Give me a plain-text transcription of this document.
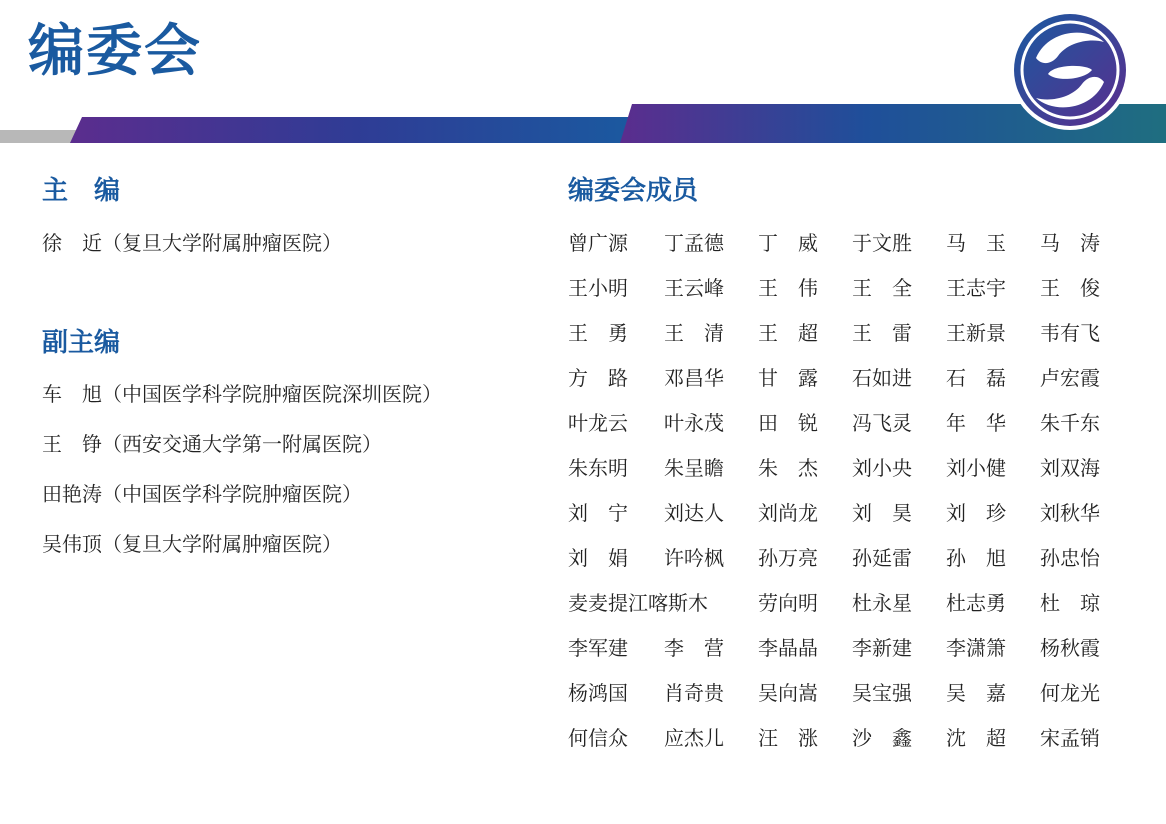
编委会
主　编
徐　近（复旦大学附属肿瘤医院）
副主编
车　旭（中国医学科学院肿瘤医院深圳医院）
王　铮（西安交通大学第一附属医院）
田艳涛（中国医学科学院肿瘤医院）
吴伟顶（复旦大学附属肿瘤医院）
编委会成员
曾广源 丁孟德 丁　威 于文胜 马　玉 马　涛
王小明 王云峰 王　伟 王　全 王志宇 王　俊
王　勇 王　清 王　超 王　雷 王新景 韦有飞
方　路 邓昌华 甘　露 石如进 石　磊 卢宏霞
叶龙云 叶永茂 田　锐 冯飞灵 年　华 朱千东
朱东明 朱呈瞻 朱　杰 刘小央 刘小健 刘双海
刘　宁 刘达人 刘尚龙 刘　昊 刘　珍 刘秋华
刘　娟 许吟枫 孙万亮 孙延雷 孙　旭 孙忠怡
麦麦提江喀斯木	劳向明 杜永星 杜志勇 杜　琼
李军建 李　营 李晶晶 李新建 李潇箫 杨秋霞
杨鸿国 肖奇贵 吴向嵩 吴宝强 吴　嘉 何龙光
何信众 应杰儿 汪　涨 沙　鑫 沈　超 宋孟销
